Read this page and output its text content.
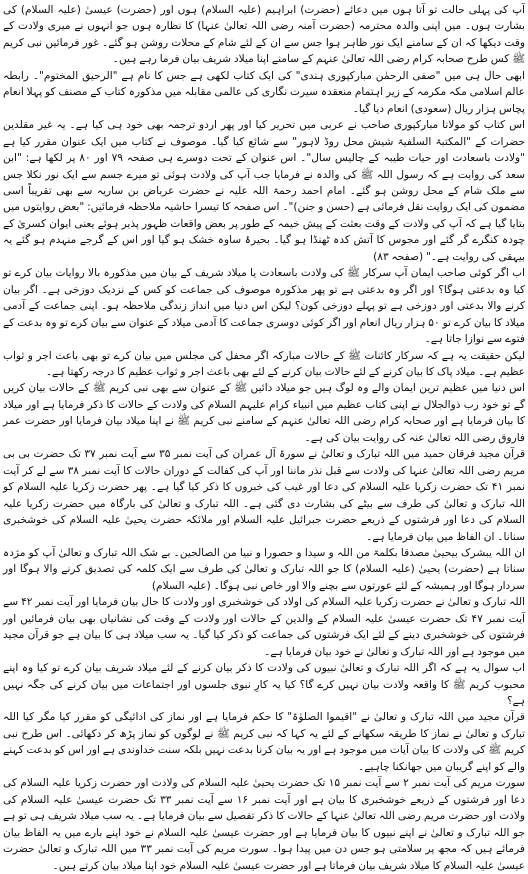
آپ کی پہلی حالت تو آتا ہوں میں دعائے (حضرت) ابراہیم (علیہ السلام) ہوں اور (حضرت) عیسیٰ (علیہ السلام) کی بشارت ہوں۔ میں اپنی والدہ محترمہ (حضرت آمنہ رضی اللہ تعالیٰ عنہا) کا نظارہ ہوں جو انہوں نے میری ولادت کے وقت دیکھا کہ ان کے سامنے ایک نور ظاہر ہوا جس سے ان کے لئے شام کے محلات روشن ہو گئے۔ غور فرمائیں نبی کریم ﷺ کس طرح صحابہ کرام رضی اللہ تعالیٰ عنہم کے سامنے اپنا میلاد شریف بیان فرما رہے ہیں۔

ابھی حال ہی میں "صفی الرحمٰن مبارکپوری ہندی" کی ایک کتاب لکھی ہے جس کا نام ہے "الرحیق المختوم"۔ رابطہ عالم اسلامی مکہ مکرمہ کے زیر اہتمام منعقدہ سیرت نگاری کی عالمی مقابلہ میں مذکورہ کتاب کے مصنف کو پہلا انعام پچاس ہزار ریال (سعودی) انعام دیا گیا۔

اس کتاب کو مولانا مبارکپوری صاحب نے عربی میں تحریر کیا اور پھر اردو ترجمہ بھی خود ہی کیا ہے۔ یہ غیر مقلدین حضرات کے "المکتبۃ السلفیۃ شیش محل روڈ لاہور" سے شائع کیا گیا۔ موصوف نے کتاب میں ایک عنوان مقرر کیا ہے "ولادت باسعادت اور حیات طیبہ کے چالیس سال"۔ اس عنوان کے تحت دوسرے ہی صفحہ ۷۹ اور ۸۰ پر لکھا ہے: "ابن سعد کی روایت ہے کہ رسول اللہ ﷺ کی والدہ نے فرمایا جب آپ کی ولادت ہوئی تو میرے جسم سے ایک نور نکلا جس سے ملک شام کے محل روشن ہو گئے۔ امام احمد رحمۃ اللہ علیہ نے حضرت عرباض بن ساریہ سے بھی تقریباً اسی مضمون کی ایک روایت نقل فرمائی ہے (حسن و جنن)"۔ اس صفحہ کا تیسرا حاشیہ ملاحظہ فرمائیں: "بعض روایتوں میں بتایا گیا ہے کہ آپ کی ولادت کے وقت بعثت کے پیش خیمہ کے طور پر بعض واقعات ظہور پذیر ہوئے یعنی ایوان کسریٰ کے چودہ کنگرے گر گئے اور مجوس کا آتش کدہ ٹھنڈا ہو گیا۔ بحیرۂ ساوہ خشک ہو گیا اور اس کے گرجے منہدم ہو گئے یہ بیہقی کی روایت ہے۔" (صفحہ ۸۳)

اب اگر کوئی صاحب ایمان آپ سرکار ﷺ کی ولادت باسعادت یا میلاد شریف کے بیان میں مذکورہ بالا روایات بیان کرے تو کیا وہ بدعتی ہوگا؟ اور اگر وہ بدعتی ہے تو پھر مذکورہ موصوف کی جماعت کو کس کے نزدیک دوزخی ہے۔ اگر بیان کرنے والا بدعتی اور دوزخی ہے تو پہلے دوزخی کون؟ لیکن اس دنیا میں انداز زندگی ملاحظہ ہو۔ اپنی جماعت کے آدمی میلاد کا بیان کرے تو ۵۰ ہزار ریال انعام اور اگر کوئی دوسری جماعت کا آدمی میلاد کے عنوان سے بیان کرے تو وہ بدعت کے فتوے سے نوازا جاتا ہے۔

لیکن حقیقت یہ ہے کہ سرکار کائنات ﷺ کے حالات مبارکہ اگر محفل کی مجلس میں بیان کرے تو بھی باعث اجر و ثواب عظیم ہے۔ میلاد پاک کا بیان کرنے کے لئے حالات بیان کرنے کے لئے بھی باعث اجر و ثواب عظیم کا درجہ رکھتا ہے۔

اس دنیا میں عظیم ترین ایمان والے وہ لوگ ہیں جو میلاد دائیں ﷺ کے عنوان سے بھی نبی کریم ﷺ کے حالات بیان کریں گے تو خود رب ذوالجلال نے اپنی کتاب عظیم میں انبیاء کرام علیہم السلام کی ولادت کے حالات کا ذکر فرمایا ہے اور میلاد کا بیان فرمایا ہے اور صحابہ کرام رضی اللہ تعالیٰ عنہم کے سامنے نبی کریم ﷺ نے اپنا میلاد بیان فرمایا اور حضرت عمر فاروق رضی اللہ تعالیٰ عنہ کی روایت بیان کی ہے۔

قرآن مجید فرقان حمید میں اللہ تبارک و تعالیٰ نے سورۃ آل عمران کی آیت نمبر ۳۵ سے آیت نمبر ۳۷ تک حضرت بی بی مریم رضی اللہ تعالیٰ عنہا کی ولادت سے قبل نذر ماننا اور آپ کی کفالت کے دوران حالات کا آیت نمبر ۳۸ سے لے کر آیت نمبر ۴۱ تک حضرت زکریا علیہ السلام کی دعا اور غیب کی خبروں کا ذکر کیا گیا ہے۔ پھر حضرت زکریا علیہ السلام کو اللہ تبارک و تعالیٰ کی طرف سے بیٹے کی بشارت دی گئی ہے۔ اللہ تبارک و تعالیٰ کی بارگاہ میں حضرت زکریا علیہ السلام کی دعا اور فرشتوں کے ذریعے حضرت جبرائیل علیہ السلام اور ملائکہ حضرت یحییٰ علیہ السلام کی خوشخبری سنانا۔ ان الفاظ میں بیان فرمایا ہے۔

ان اللہ یبشرک بیحییٰ مصدقا بکلمۃ من اللہ و سیدا و حصورا و نبیا من الصالحین۔ بے شک اللہ تبارک و تعالیٰ آپ کو مژدہ سناتا ہے (حضرت) یحییٰ (علیہ السلام) کا جو اللہ تبارک و تعالیٰ کی طرف سے ایک کلمہ کی تصدیق کرنے والا ہوگا اور سردار ہوگا اور ہمیشہ کے لئے عورتوں سے بچنے والا اور خاص نبی ہوگا۔ (علیہ السلام)

اللہ تبارک و تعالیٰ نے حضرت زکریا علیہ السلام کی اولاد کی خوشخبری اور ولادت کا حال بیان فرمایا اور آیت نمبر ۴۲ سے آیت نمبر ۴۷ تک حضرت عیسیٰ علیہ السلام کے والدین کے حالات اور ولادت کے وقت کی نشانیاں بھی بیان فرمائیں اور فرشتوں کی خوشخبری دینے کے لئے ایک فرشتوں کی جماعت کو ذکر کیا گیا۔ یہ سب میلاد ہی کا بیان ہے جو قرآن مجید میں موجود ہے اور اللہ تبارک و تعالیٰ نے خود بیان فرمایا ہے۔

اب سوال یہ ہے کہ اگر اللہ تبارک و تعالیٰ نبیوں کی ولادت کا ذکر بیان کرنے کے لئے میلاد شریف بیان کرے تو کیا وہ اپنے محبوب کریم ﷺ کا واقعہ ولادت بیان نہیں کرے گا؟ کیا یہ کارِ نبوی جلسوں اور اجتماعات میں بیان کرنے کی جگہ نہیں ہے؟

قرآن مجید میں اللہ تبارک و تعالیٰ نے "اقیموا الصلوٰۃ" کا حکم فرمایا ہے اور نماز کی ادائیگی کو مقرر کیا مگر کیا اللہ تبارک و تعالیٰ نے نماز کا طریقہ سکھانے کے لئے یہ کہا کہ نبی کریم ﷺ نے لوگوں کو نماز پڑھ کر دکھائی۔ اس طرح نبی کریم ﷺ کی ولادت کا بیان آیات میں موجود ہے اور یہ بیان کرنا بدعت نہیں بلکہ سنت خداوندی ہے اور اس کو بدعت کہنے والے کو اپنے گریبان میں جھانکنا چاہیے۔

سورت مریم کی آیت نمبر ۲ سے آیت نمبر ۱۵ تک حضرت یحییٰ علیہ السلام کی ولادت اور حضرت زکریا علیہ السلام کی دعا اور فرشتوں کے ذریعے خوشخبری کا بیان ہے اور آیت نمبر ۱۶ سے آیت نمبر ۳۳ تک حضرت عیسیٰ علیہ السلام کی ولادت اور حضرت مریم رضی اللہ تعالیٰ عنہا کے حالات کا ذکر تفصیل سے بیان فرمایا ہے۔ یہ سب میلاد شریف ہی تو ہے جو اللہ تبارک و تعالیٰ نے اپنے نبیوں کا بیان فرمایا ہے اور حضرت عیسیٰ علیہ السلام نے خود اپنے بارے میں یہ الفاظ بیان فرمائے ہیں کہ مجھ پر سلامتی ہو جس دن میں پیدا ہوا۔ سورت مریم کی آیت نمبر ۳۳ میں اللہ تبارک و تعالیٰ حضرت عیسیٰ علیہ السلام کا میلاد شریف بیان فرماتا ہے اور حضرت عیسیٰ علیہ السلام خود اپنا میلاد بیان کرتے ہیں۔
